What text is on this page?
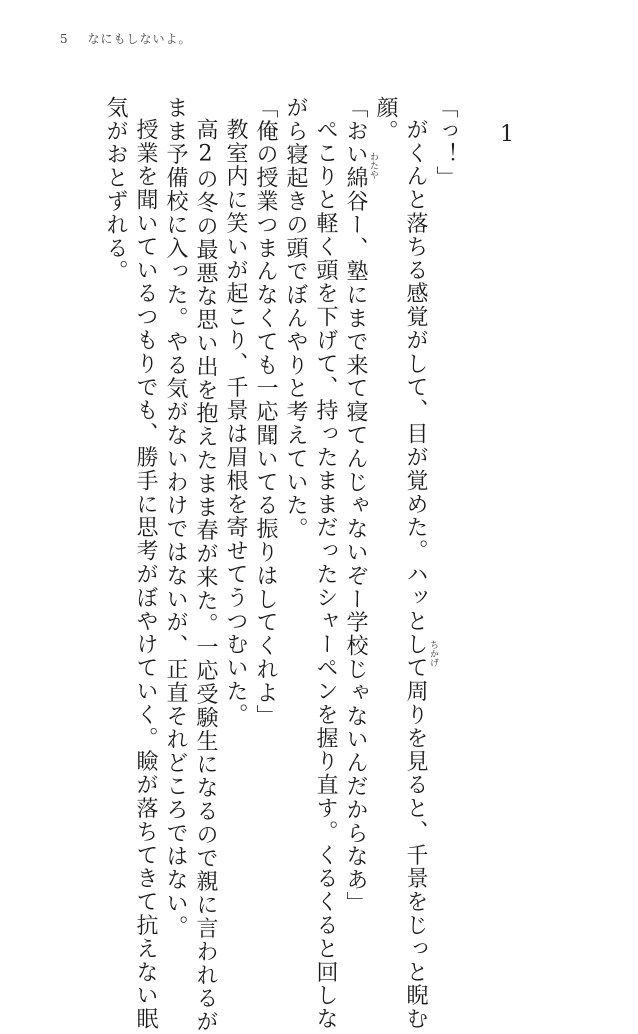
5 なにもしないよ。
1
「っ！」
がくんと落ちる感覚がして、目が覚めた。ハッとして周りを見ると、千景をじっと睨む
顔。
「おい綿谷ー、塾にまで来て寝てんじゃないぞー学校じゃないんだからなあ」
ぺこりと軽く頭を下げて、持ったままだったシャーペンを握り直す。くるくると回しな
がら寝起きの頭でぼんやりと考えていた。
「俺の授業つまんなくても一応聞いてる振りはしてくれよ」
教室内に笑いが起こり、千景は眉根を寄せてうつむいた。
高2の冬の最悪な思い出を抱えたまま春が来た。一応受験生になるので親に言われるが
まま予備校に入った。やる気がないわけではないが、正直それどころではない。
授業を聞いているつもりでも、勝手に思考がぼやけていく。瞼が落ちてきて抗えない眠
気がおとずれる。	わたや
ちかげ
